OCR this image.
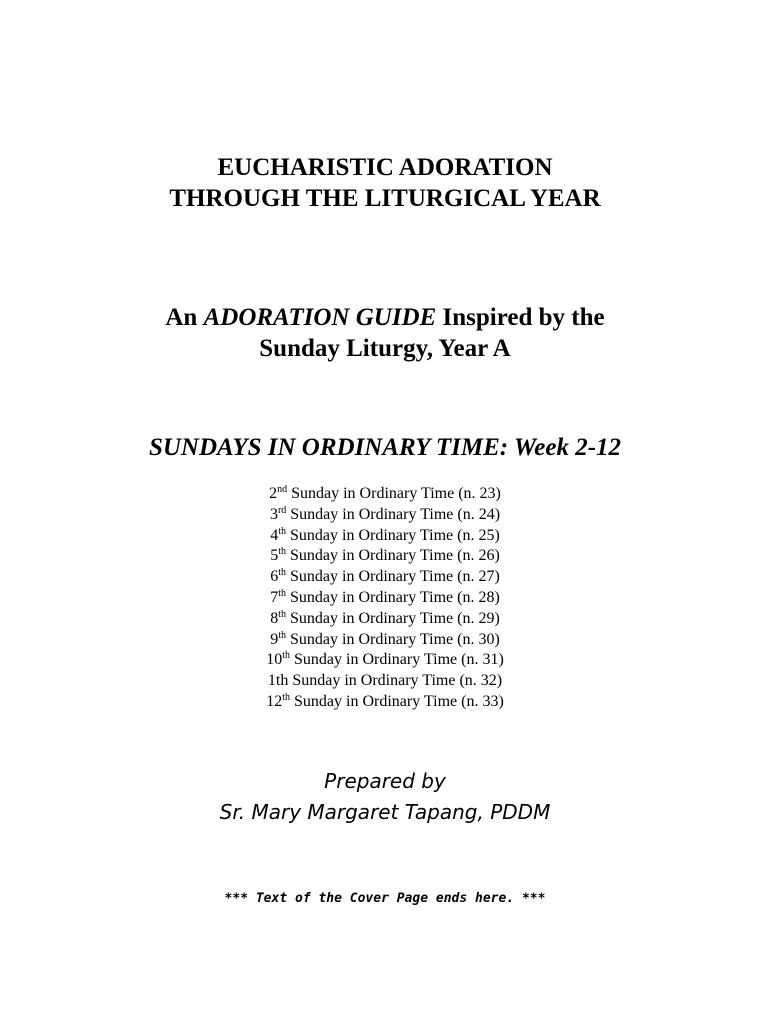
EUCHARISTIC ADORATION
THROUGH THE LITURGICAL YEAR
An ADORATION GUIDE Inspired by the
Sunday Liturgy, Year A
SUNDAYS IN ORDINARY TIME: Week 2-12
2nd Sunday in Ordinary Time (n. 23)
3rd Sunday in Ordinary Time (n. 24)
4th Sunday in Ordinary Time (n. 25)
5th Sunday in Ordinary Time (n. 26)
6th Sunday in Ordinary Time (n. 27)
7th Sunday in Ordinary Time (n. 28)
8th Sunday in Ordinary Time (n. 29)
9th Sunday in Ordinary Time (n. 30)
10th Sunday in Ordinary Time (n. 31)
1th Sunday in Ordinary Time (n. 32)
12th Sunday in Ordinary Time (n. 33)
Prepared by
Sr. Mary Margaret Tapang, PDDM
*** Text of the Cover Page ends here. ***
